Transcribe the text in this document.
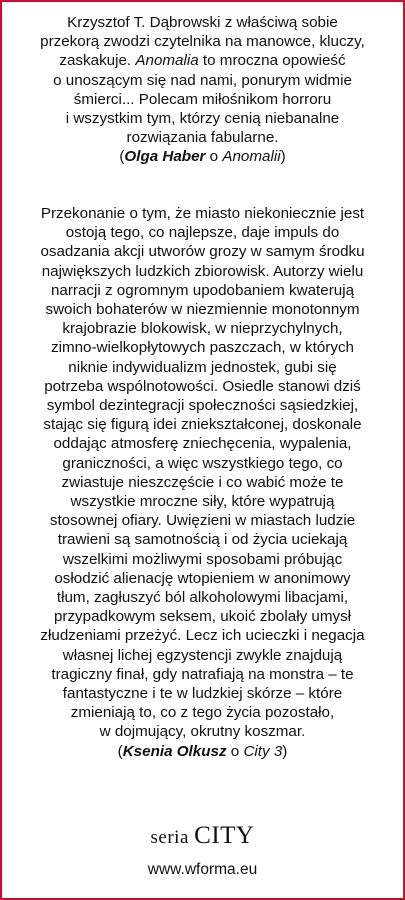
Krzysztof T. Dąbrowski z właściwą sobie
przekorą zwodzi czytelnika na manowce, kluczy,
zaskakuje. Anomalia to mroczna opowieść
o unoszącym się nad nami, ponurym widmie
śmierci... Polecam miłośnikom horroru
i wszystkim tym, którzy cenią niebanalne
rozwiązania fabularne.
(Olga Haber o Anomalii)
Przekonanie o tym, że miasto niekoniecznie jest
ostoją tego, co najlepsze, daje impuls do
osadzania akcji utworów grozy w samym środku
największych ludzkich zbiorowisk. Autorzy wielu
narracji z ogromnym upodobaniem kwaterują
swoich bohaterów w niezmiennie monotonnym
krajobrazie blokowisk, w nieprzychylnych,
zimno-wielkopłytowych paszczach, w których
niknie indywidualizm jednostek, gubi się
potrzeba wspólnotowości. Osiedle stanowi dziś
symbol dezintegracji społeczności sąsiedzkiej,
stając się figurą idei zniekształconej, doskonale
oddając atmosferę zniechęcenia, wypalenia,
graniczności, a więc wszystkiego tego, co
zwiastuje nieszczęście i co wabić może te
wszystkie mroczne siły, które wypatrują
stosownej ofiary. Uwięzieni w miastach ludzie
trawieni są samotnością i od życia uciekają
wszelkimi możliwymi sposobami próbując
osłodzić alienację wtopieniem w anonimowy
tłum, zagłuszyć ból alkoholowymi libacjami,
przypadkowym seksem, ukoić zbolały umysł
złudzeniami przeżyć. Lecz ich ucieczki i negacja
własnej lichej egzystencji zwykle znajdują
tragiczny finał, gdy natrafiają na monstra – te
fantastyczne i te w ludzkiej skórze – które
zmieniają to, co z tego życia pozostało,
w dojmujący, okrutny koszmar.
(Ksenia Olkusz o City 3)
seria CITY
www.wforma.eu
